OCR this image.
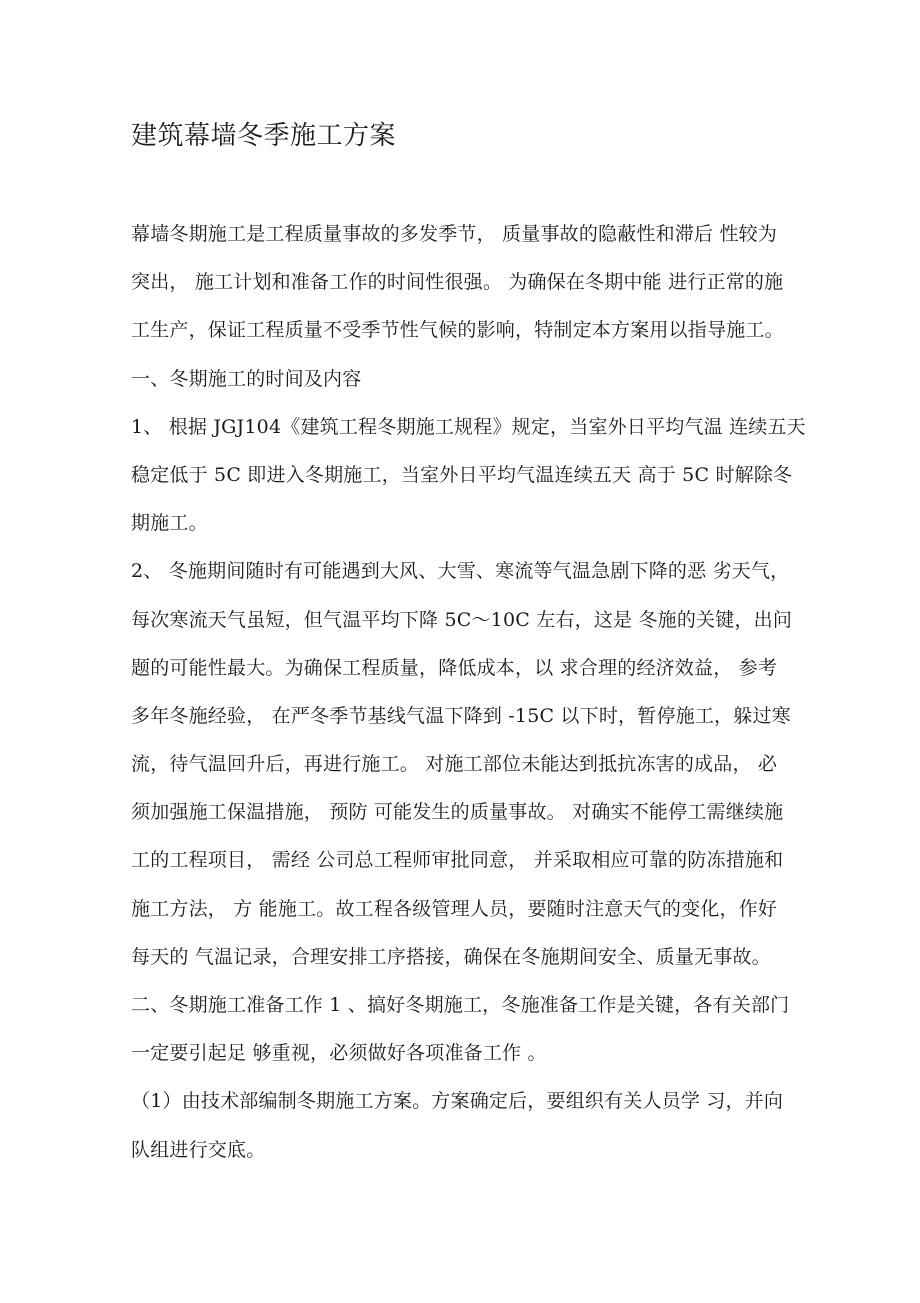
建筑幕墙冬季施工方案
幕墙冬期施工是工程质量事故的多发季节， 质量事故的隐蔽性和滞后 性较为
突出， 施工计划和准备工作的时间性很强。 为确保在冬期中能 进行正常的施
工生产，保证工程质量不受季节性气候的影响，特制定本方案用以指导施工。
一、冬期施工的时间及内容
1、 根据 JGJ104《建筑工程冬期施工规程》规定，当室外日平均气温 连续五天
稳定低于 5C 即进入冬期施工，当室外日平均气温连续五天 高于 5C 时解除冬
期施工。
2、 冬施期间随时有可能遇到大风、大雪、寒流等气温急剧下降的恶 劣天气，
每次寒流天气虽短，但气温平均下降 5C～10C 左右，这是 冬施的关键，出问
题的可能性最大。为确保工程质量，降低成本，以 求合理的经济效益， 参考
多年冬施经验， 在严冬季节基线气温下降到 -15C 以下时，暂停施工，躲过寒
流，待气温回升后，再进行施工。 对施工部位未能达到抵抗冻害的成品， 必
须加强施工保温措施， 预防 可能发生的质量事故。 对确实不能停工需继续施
工的工程项目， 需经 公司总工程师审批同意， 并采取相应可靠的防冻措施和
施工方法， 方 能施工。故工程各级管理人员，要随时注意天气的变化，作好
每天的 气温记录，合理安排工序搭接，确保在冬施期间安全、质量无事故。
二、冬期施工准备工作 1 、搞好冬期施工，冬施准备工作是关键，各有关部门
一定要引起足 够重视，必须做好各项准备工作 。
（1）由技术部编制冬期施工方案。方案确定后，要组织有关人员学 习，并向
队组进行交底。
